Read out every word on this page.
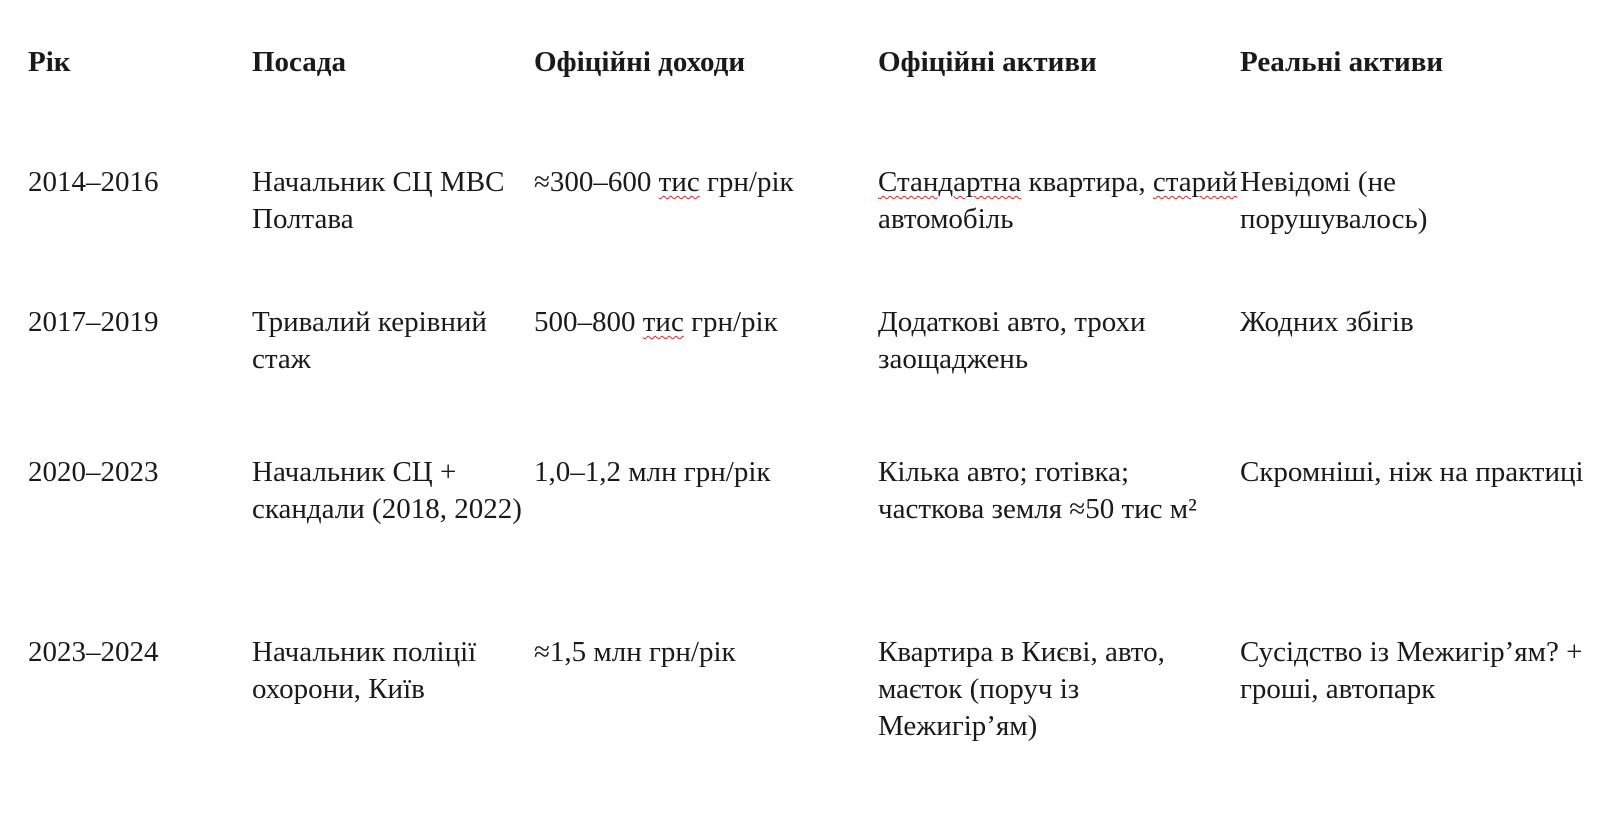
Рік	Посада	Офіційні доходи	Офіційні активи	Реальні активи
2014–2016	Начальник СЦ МВС Полтава	≈300–600 тис грн/рік	Стандартна квартира, старий автомобіль	Невідомі (не порушувалось)
2017–2019	Тривалий керівний стаж	500–800 тис грн/рік	Додаткові авто, трохи заощаджень	Жодних збігів
2020–2023	Начальник СЦ + скандали (2018, 2022)	1,0–1,2 млн грн/рік	Кілька авто; готівка; часткова земля ≈50 тис м²	Скромніші, ніж на практиці
2023–2024	Начальник поліції охорони, Київ	≈1,5 млн грн/рік	Квартира в Києві, авто, маєток (поруч із Межигір’ям)	Сусідство із Межигір’ям? + гроші, автопарк
